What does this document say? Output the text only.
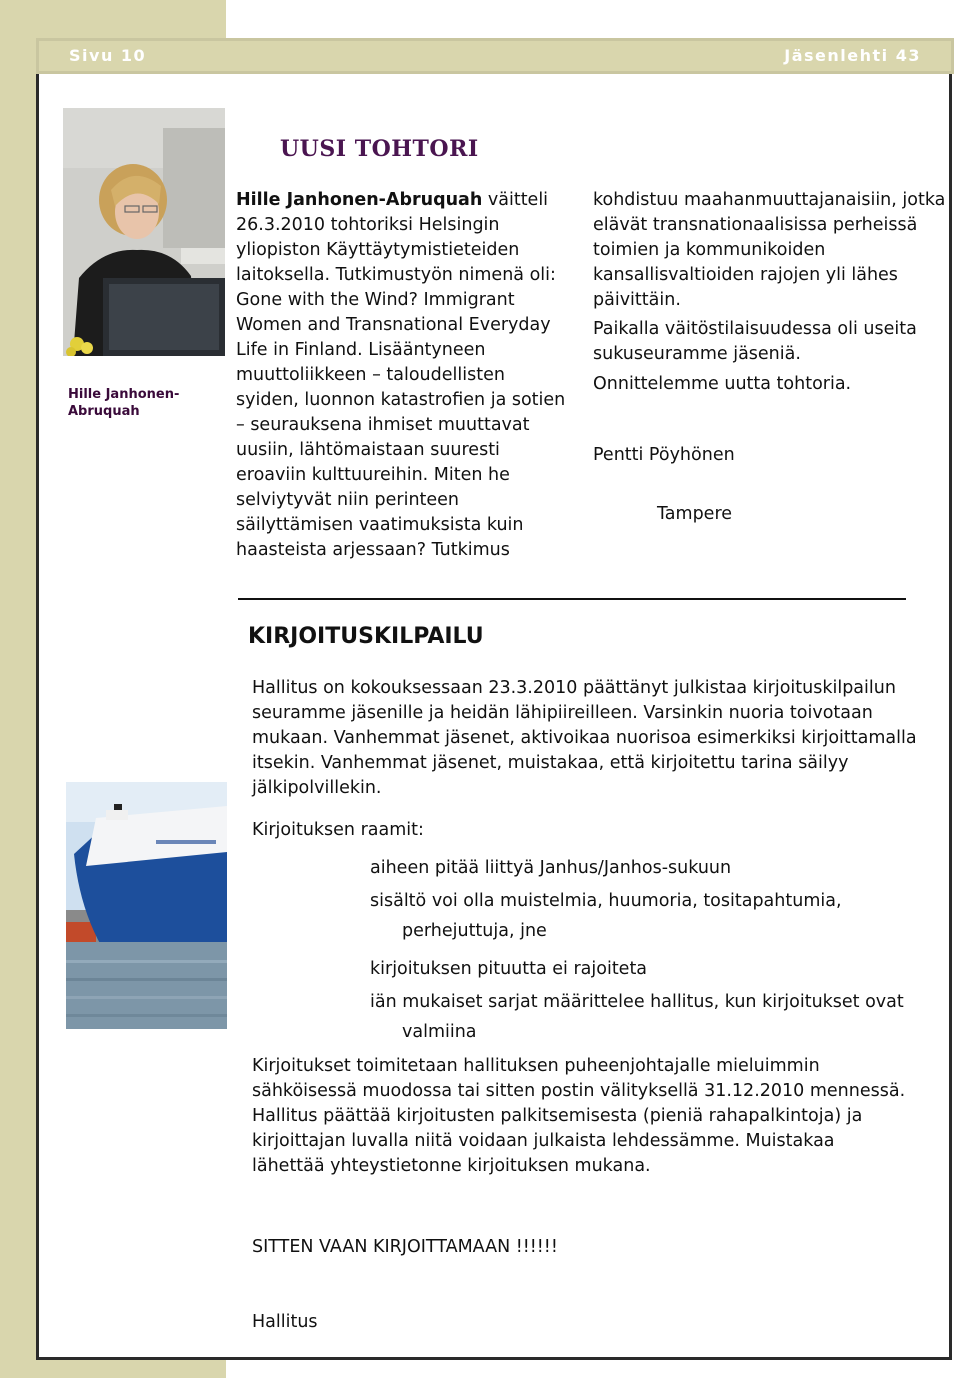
Sivu 10	Jäsenlehti 43
Hille Janhonen-Abruquah
UUSI TOHTORI

Hille Janhonen-Abruquah väitteli 26.3.2010 tohtoriksi Helsingin yliopiston Käyttäytymistieteiden laitoksella. Tutkimustyön nimenä oli: Gone with the Wind? Immigrant Women and Transnational Everyday Life in Finland. Lisääntyneen muuttoliikkeen – taloudellisten syiden, luonnon katastrofien ja sotien – seurauksena ihmiset muuttavat uusiin, lähtömaistaan suuresti eroaviin kulttuureihin. Miten he selviytyvät niin perinteen säilyttämisen vaatimuksista kuin haasteista arjessaan? Tutkimus

kohdistuu maahanmuuttajanaisiin, jotka elävät transnationaalisissa perheissä toimien ja kommunikoiden kansallisvaltioiden rajojen yli lähes päivittäin.

Paikalla väitöstilaisuudessa oli useita sukuseuramme jäseniä.

Onnittelemme uutta tohtoria.

Pentti Pöyhönen

Tampere

KIRJOITUSKILPAILU

Hallitus on kokouksessaan 23.3.2010 päättänyt julkistaa kirjoituskilpailun seuramme jäsenille ja heidän lähipiireilleen. Varsinkin nuoria toivotaan mukaan. Vanhemmat jäsenet, aktivoikaa nuorisoa esimerkiksi kirjoittamalla itsekin. Vanhemmat jäsenet, muistakaa, että kirjoitettu tarina säilyy jälkipolvillekin.

Kirjoituksen raamit:

aiheen pitää liittyä Janhus/Janhos-sukuun

sisältö voi olla muistelmia, huumoria, tositapahtumia,

perhejuttuja, jne

kirjoituksen pituutta ei rajoiteta

iän mukaiset sarjat määrittelee hallitus, kun kirjoitukset ovat

valmiina

Kirjoitukset toimitetaan hallituksen puheenjohtajalle mieluimmin sähköisessä muodossa tai sitten postin välityksellä 31.12.2010 mennessä. Hallitus päättää kirjoitusten palkitsemisesta (pieniä rahapalkintoja) ja kirjoittajan luvalla niitä voidaan julkaista lehdessämme. Muistakaa lähettää yhteystietonne kirjoituksen mukana.

SITTEN VAAN KIRJOITTAMAAN !!!!!!
Hallitus
